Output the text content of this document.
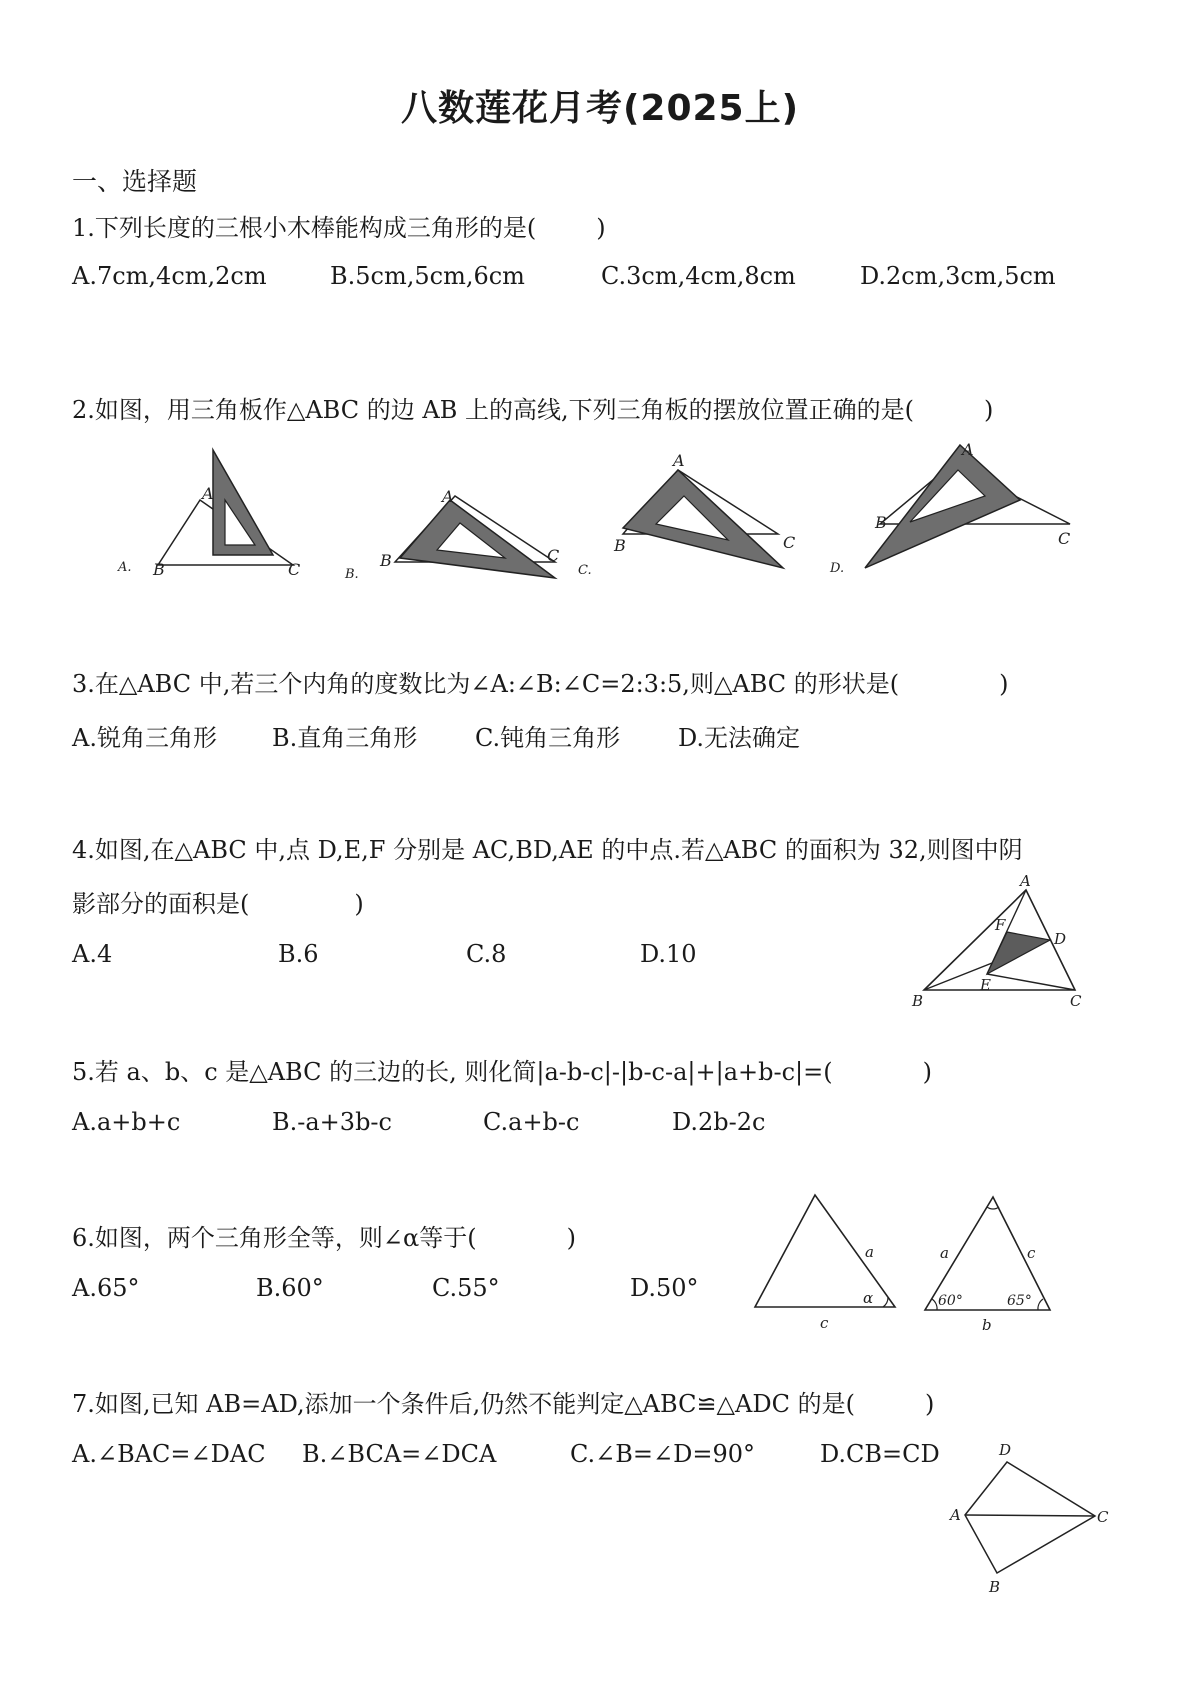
八数莲花月考(2025上)
一、选择题
1.下列长度的三根小木棒能构成三角形的是(	)
A.7cm,4cm,2cm	B.5cm,5cm,6cm	C.3cm,4cm,8cm	D.2cm,3cm,5cm
2.如图，用三角板作△ABC 的边 AB 上的高线,下列三角板的摆放位置正确的是(	)
A.
A
B	C	B.
A
B	C
C.
A
B	C
D.
A
B
C
3.在△ABC 中,若三个内角的度数比为∠A:∠B:∠C=2:3:5,则△ABC 的形状是(	)
A.锐角三角形 B.直角三角形 C.钝角三角形 D.无法确定
4.如图,在△ABC 中,点 D,E,F 分别是 AC,BD,AE 的中点.若△ABC 的面积为 32,则图中阴
影部分的面积是(	)
A.4	B.6	C.8	D.10
A
B	C
D
E
F
5.若 a、b、c 是△ABC 的三边的长, 则化简|a-b-c|-|b-c-a|+|a+b-c|=(	)
A.a+b+c	B.-a+3b-c	C.a+b-c	D.2b-2c
6.如图，两个三角形全等，则∠α等于(	)
A.65°	B.60°	C.55°	D.50°
a
α
c
a	c
b
60°	65°
7.如图,已知 AB=AD,添加一个条件后,仍然不能判定△ABC≌△ADC 的是(	)
A.∠BAC=∠DAC B.∠BCA=∠DCA	C.∠B=∠D=90°	D.CB=CD
A
D
C
B
